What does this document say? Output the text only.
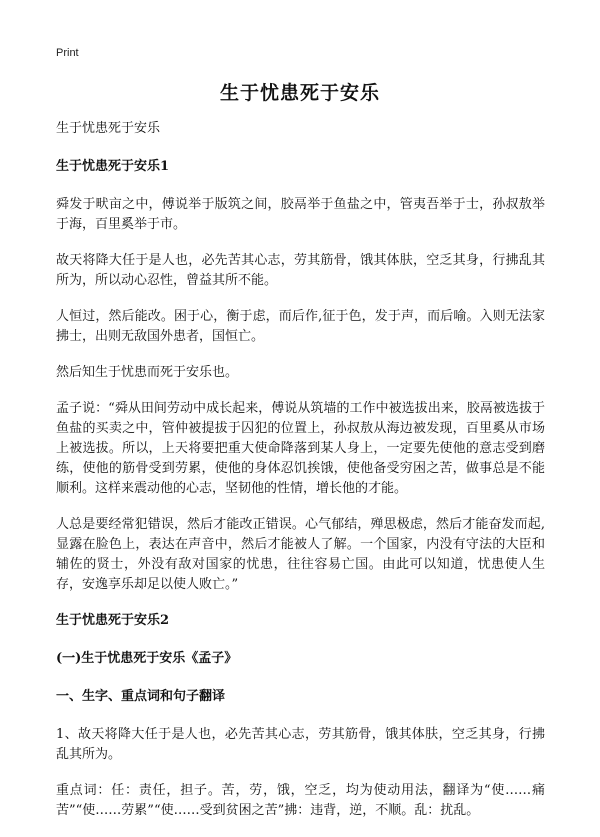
Print
生于忧患死于安乐

生于忧患死于安乐

生于忧患死于安乐1

舜发于畎亩之中，傅说举于版筑之间，胶鬲举于鱼盐之中，管夷吾举于士，孙叔敖举于海，百里奚举于市。

故天将降大任于是人也，必先苦其心志，劳其筋骨，饿其体肤，空乏其身，行拂乱其所为，所以动心忍性，曾益其所不能。

人恒过，然后能改。困于心，衡于虑，而后作,征于色，发于声，而后喻。入则无法家拂士，出则无敌国外患者，国恒亡。

然后知生于忧患而死于安乐也。

孟子说：“舜从田间劳动中成长起来，傅说从筑墙的工作中被选拔出来，胶鬲被选拔于鱼盐的买卖之中，管仲被提拔于囚犯的位置上，孙叔敖从海边被发现，百里奚从市场上被选拔。所以，上天将要把重大使命降落到某人身上，一定要先使他的意志受到磨练，使他的筋骨受到劳累，使他的身体忍饥挨饿，使他备受穷困之苦，做事总是不能顺利。这样来震动他的心志，坚韧他的性情，增长他的才能。

人总是要经常犯错误，然后才能改正错误。心气郁结，殚思极虑，然后才能奋发而起,显露在脸色上，表达在声音中，然后才能被人了解。一个国家，内没有守法的大臣和辅佐的贤士，外没有敌对国家的忧患，往往容易亡国。由此可以知道，忧患使人生存，安逸享乐却足以使人败亡。”

生于忧患死于安乐2
(一)生于忧患死于安乐《孟子》
一、生字、重点词和句子翻译

1、故天将降大任于是人也，必先苦其心志，劳其筋骨，饿其体肤，空乏其身，行拂乱其所为。

重点词：任：责任，担子。苦，劳，饿，空乏，均为使动用法，翻译为“使……痛苦”“使……劳累”“使……受到贫困之苦”拂：违背，逆，不顺。乱：扰乱。
